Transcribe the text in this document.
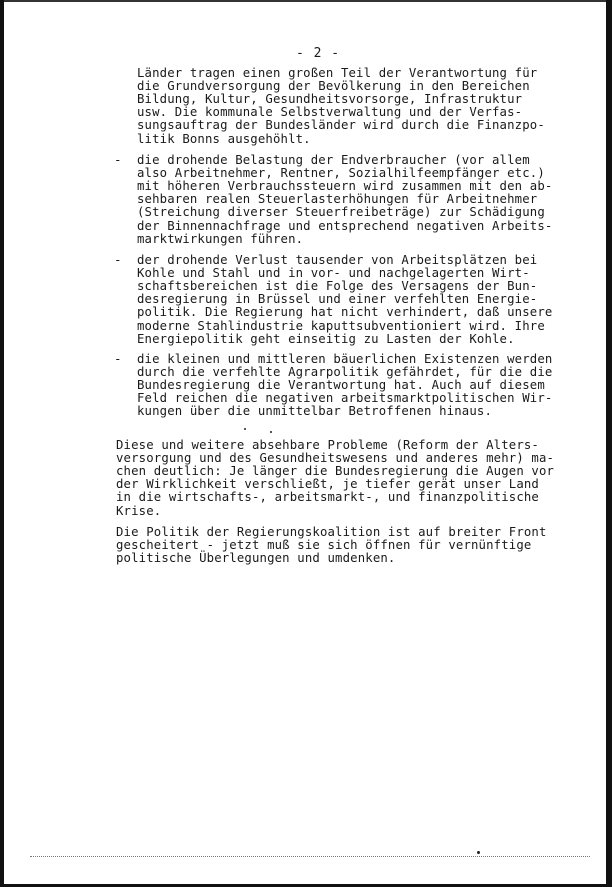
- 2 -
Länder tragen einen großen Teil der Verantwortung für
die Grundversorgung der Bevölkerung in den Bereichen
Bildung, Kultur, Gesundheitsvorsorge, Infrastruktur
usw. Die kommunale Selbstverwaltung und der Verfas-
sungsauftrag der Bundesländer wird durch die Finanzpo-
litik Bonns ausgehöhlt.
- die drohende Belastung der Endverbraucher (vor allem
also Arbeitnehmer, Rentner, Sozialhilfeempfänger etc.)
mit höheren Verbrauchssteuern wird zusammen mit den ab-
sehbaren realen Steuerlasterhöhungen für Arbeitnehmer
(Streichung diverser Steuerfreibeträge) zur Schädigung
der Binnennachfrage und entsprechend negativen Arbeits-
marktwirkungen führen.
- der drohende Verlust tausender von Arbeitsplätzen bei
Kohle und Stahl und in vor- und nachgelagerten Wirt-
schaftsbereichen ist die Folge des Versagens der Bun-
desregierung in Brüssel und einer verfehlten Energie-
politik. Die Regierung hat nicht verhindert, daß unsere
moderne Stahlindustrie kaputtsubventioniert wird. Ihre
Energiepolitik geht einseitig zu Lasten der Kohle.
- die kleinen und mittleren bäuerlichen Existenzen werden
durch die verfehlte Agrarpolitik gefährdet, für die die
Bundesregierung die Verantwortung hat. Auch auf diesem
Feld reichen die negativen arbeitsmarktpolitischen Wir-
kungen über die unmittelbar Betroffenen hinaus.
Diese und weitere absehbare Probleme (Reform der Alters-
versorgung und des Gesundheitswesens und anderes mehr) ma-
chen deutlich: Je länger die Bundesregierung die Augen vor
der Wirklichkeit verschließt, je tiefer gerät unser Land
in die wirtschafts-, arbeitsmarkt-, und finanzpolitische
Krise.
Die Politik der Regierungskoalition ist auf breiter Front
gescheitert - jetzt muß sie sich öffnen für vernünftige
politische Überlegungen und umdenken.
